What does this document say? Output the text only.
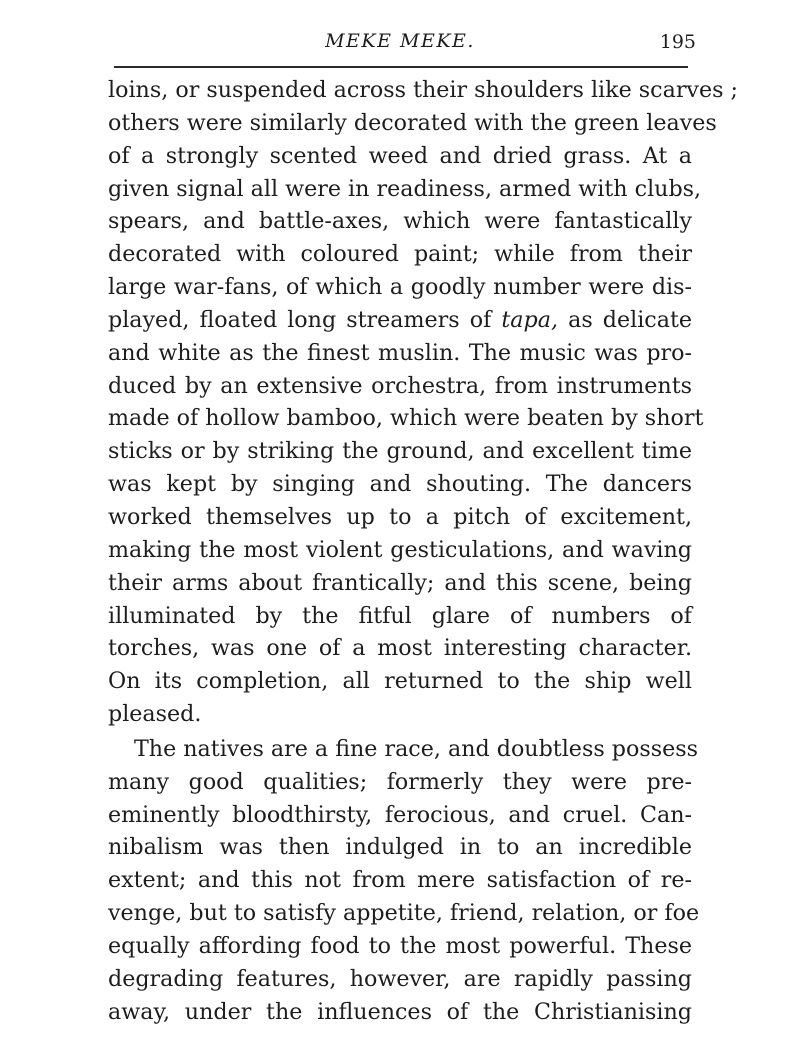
MEKE MEKE.	195
loins, or suspended across their shoulders like scarves ;
others were similarly decorated with the green leaves
of a strongly scented weed and dried grass. At a
given signal all were in readiness, armed with clubs,
spears, and battle-axes, which were fantastically
decorated with coloured paint; while from their
large war-fans, of which a goodly number were dis-
played, floated long streamers of tapa, as delicate
and white as the finest muslin. The music was pro-
duced by an extensive orchestra, from instruments
made of hollow bamboo, which were beaten by short
sticks or by striking the ground, and excellent time
was kept by singing and shouting. The dancers
worked themselves up to a pitch of excitement,
making the most violent gesticulations, and waving
their arms about frantically; and this scene, being
illuminated by the fitful glare of numbers of
torches, was one of a most interesting character.
On its completion, all returned to the ship well
pleased.
The natives are a fine race, and doubtless possess
many good qualities; formerly they were pre-
eminently bloodthirsty, ferocious, and cruel. Can-
nibalism was then indulged in to an incredible
extent; and this not from mere satisfaction of re-
venge, but to satisfy appetite, friend, relation, or foe
equally affording food to the most powerful. These
degrading features, however, are rapidly passing
away, under the influences of the Christianising
